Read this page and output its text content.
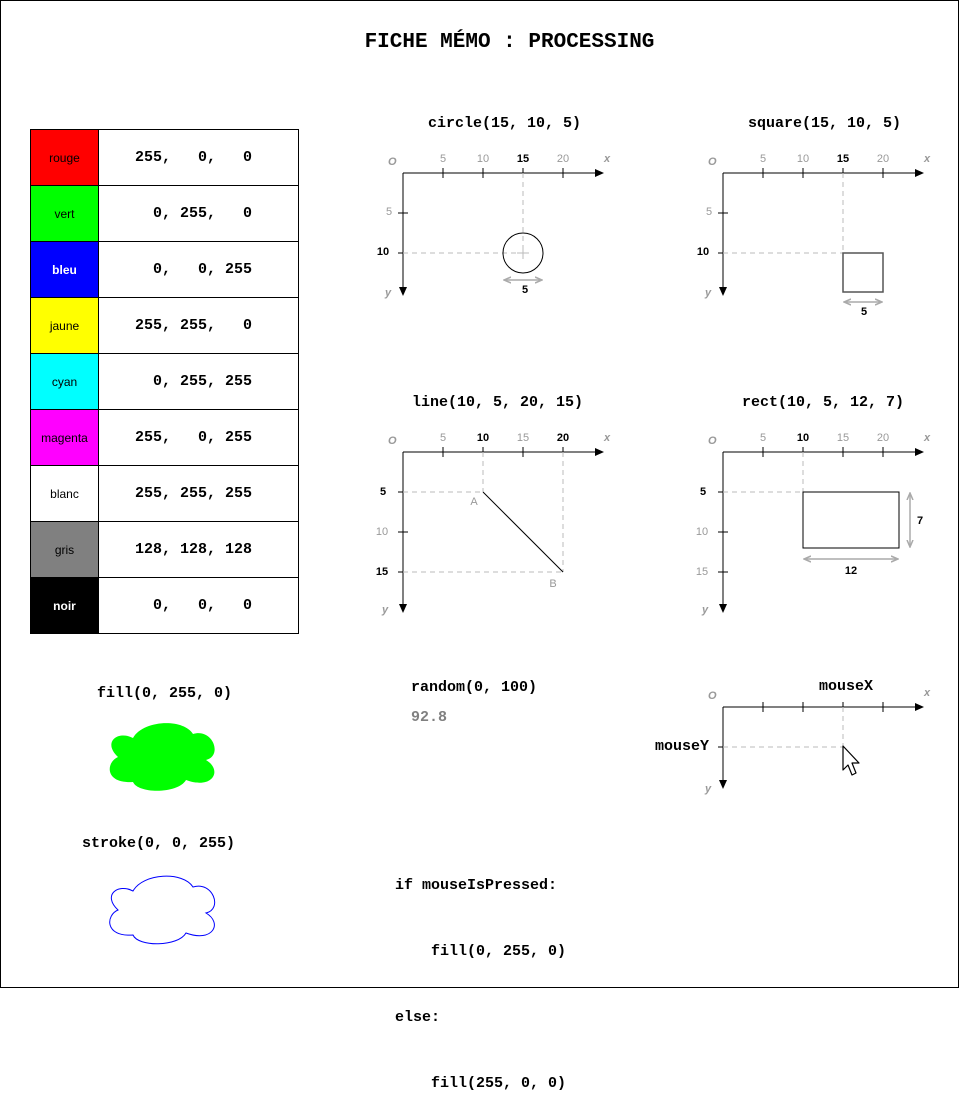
FICHE MÉMO : PROCESSING
rouge	255,   0,   0
vert	0, 255,   0
bleu	0,   0, 255
jaune	255, 255,   0
cyan	0, 255, 255
magenta	255,   0, 255
blanc	255, 255, 255
gris	128, 128, 128
noir	0,   0,   0
circle(15, 10, 5)
O	x
y
5	10	15	20
5
10
5
square(15, 10, 5)
O	x
y
5	10	15	20
5
10
5
line(10, 5, 20, 15)
O	x
y
5	10	15	20
5
10
15
A
B
rect(10, 5, 12, 7)
O	x
y
5	10	15	20
5
10
15	12
7
fill(0, 255, 0)
stroke(0, 0, 255)
random(0, 100)
92.8
mouseX
mouseY
O	x
y

if mouseIsPressed:

fill(0, 255, 0)

else:

fill(255, 0, 0)
